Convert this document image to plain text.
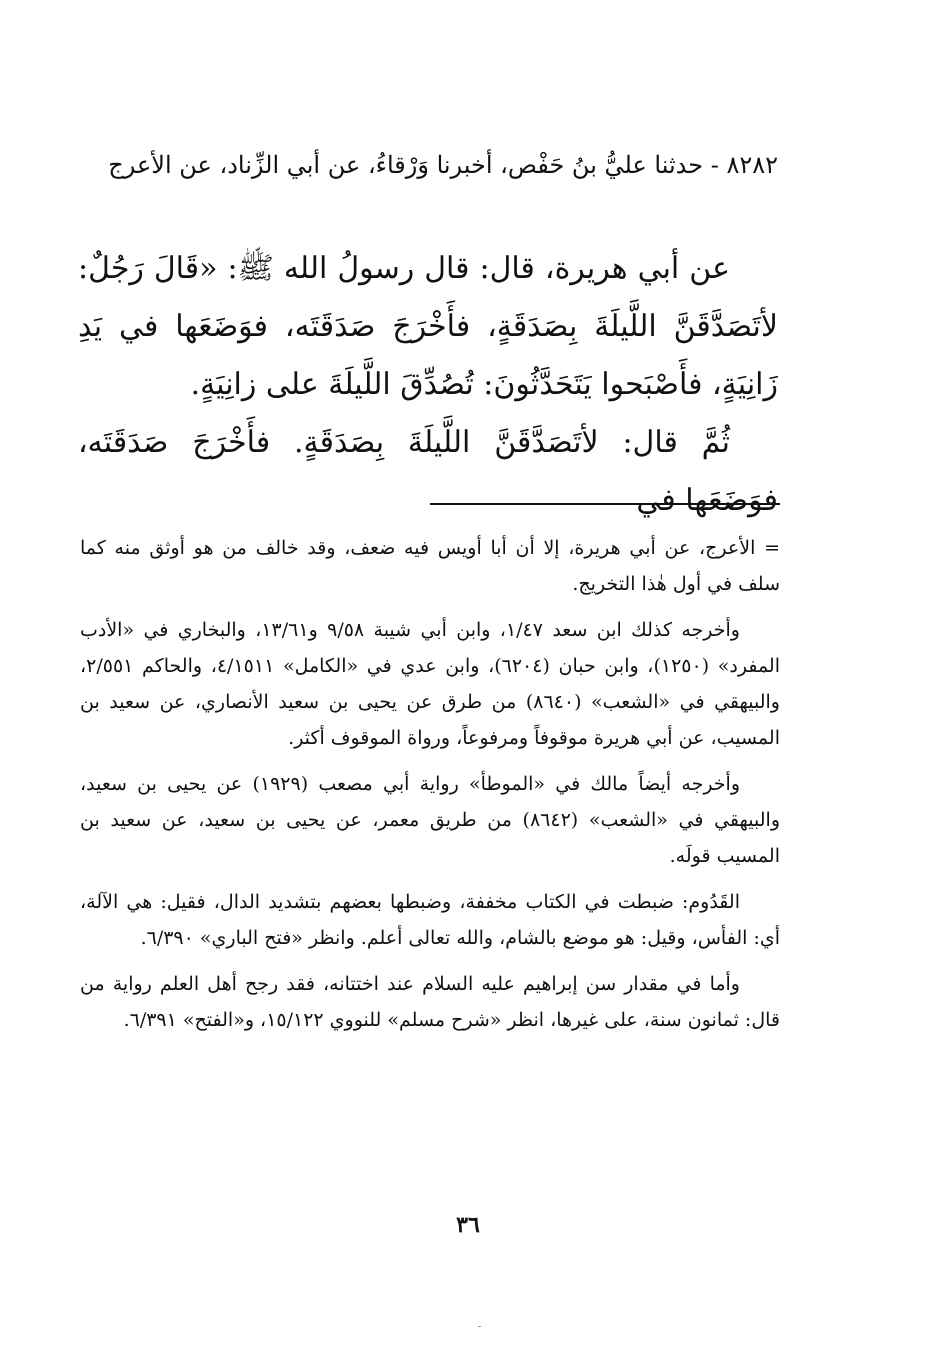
٨٢٨٢ - حدثنا عليُّ بنُ حَفْص، أخبرنا وَرْقاءُ، عن أبي الزِّناد، عن الأعرج
عن أبي هريرة، قال: قال رسولُ الله ﷺ: «قَالَ رَجُلٌ: لأتَصَدَّقَنَّ اللَّيلَةَ بِصَدَقَةٍ، فأَخْرَجَ صَدَقَتَه، فوَضَعَها في يَدِ زَانِيَةٍ، فأَصْبَحوا يَتَحَدَّثُونَ: تُصُدِّقَ اللَّيلَةَ على زانِيَةٍ.
ثُمَّ قال: لأتَصَدَّقَنَّ اللَّيلَةَ بِصَدَقَةٍ. فأَخْرَجَ صَدَقَتَه، فوَضَعَها في

= الأعرج، عن أبي هريرة، إلا أن أبا أويس فيه ضعف، وقد خالف من هو أوثق منه كما سلف في أول هٰذا التخريج.

وأخرجه كذلك ابن سعد ١/٤٧، وابن أبي شيبة ٩/٥٨ و١٣/٦١، والبخاري في «الأدب المفرد» (١٢٥٠)، وابن حبان (٦٢٠٤)، وابن عدي في «الكامل» ٤/١٥١١، والحاكم ٢/٥٥١، والبيهقي في «الشعب» (٨٦٤٠) من طرق عن يحيى بن سعيد الأنصاري، عن سعيد بن المسيب، عن أبي هريرة موقوفاً ومرفوعاً، ورواة الموقوف أكثر.

وأخرجه أيضاً مالك في «الموطأ» رواية أبي مصعب (١٩٢٩) عن يحيى بن سعيد، والبيهقي في «الشعب» (٨٦٤٢) من طريق معمر، عن يحيى بن سعيد، عن سعيد بن المسيب قولَه.

القَدُوم: ضبطت في الكتاب مخففة، وضبطها بعضهم بتشديد الدال، فقيل: هي الآلة، أي: الفأس، وقيل: هو موضع بالشام، والله تعالى أعلم. وانظر «فتح الباري» ٦/٣٩٠.

وأما في مقدار سن إبراهيم عليه السلام عند اختتانه، فقد رجح أهل العلم رواية من قال: ثمانون سنة، على غيرها، انظر «شرح مسلم» للنووي ١٥/١٢٢، و«الفتح» ٦/٣٩١.

٣٦
